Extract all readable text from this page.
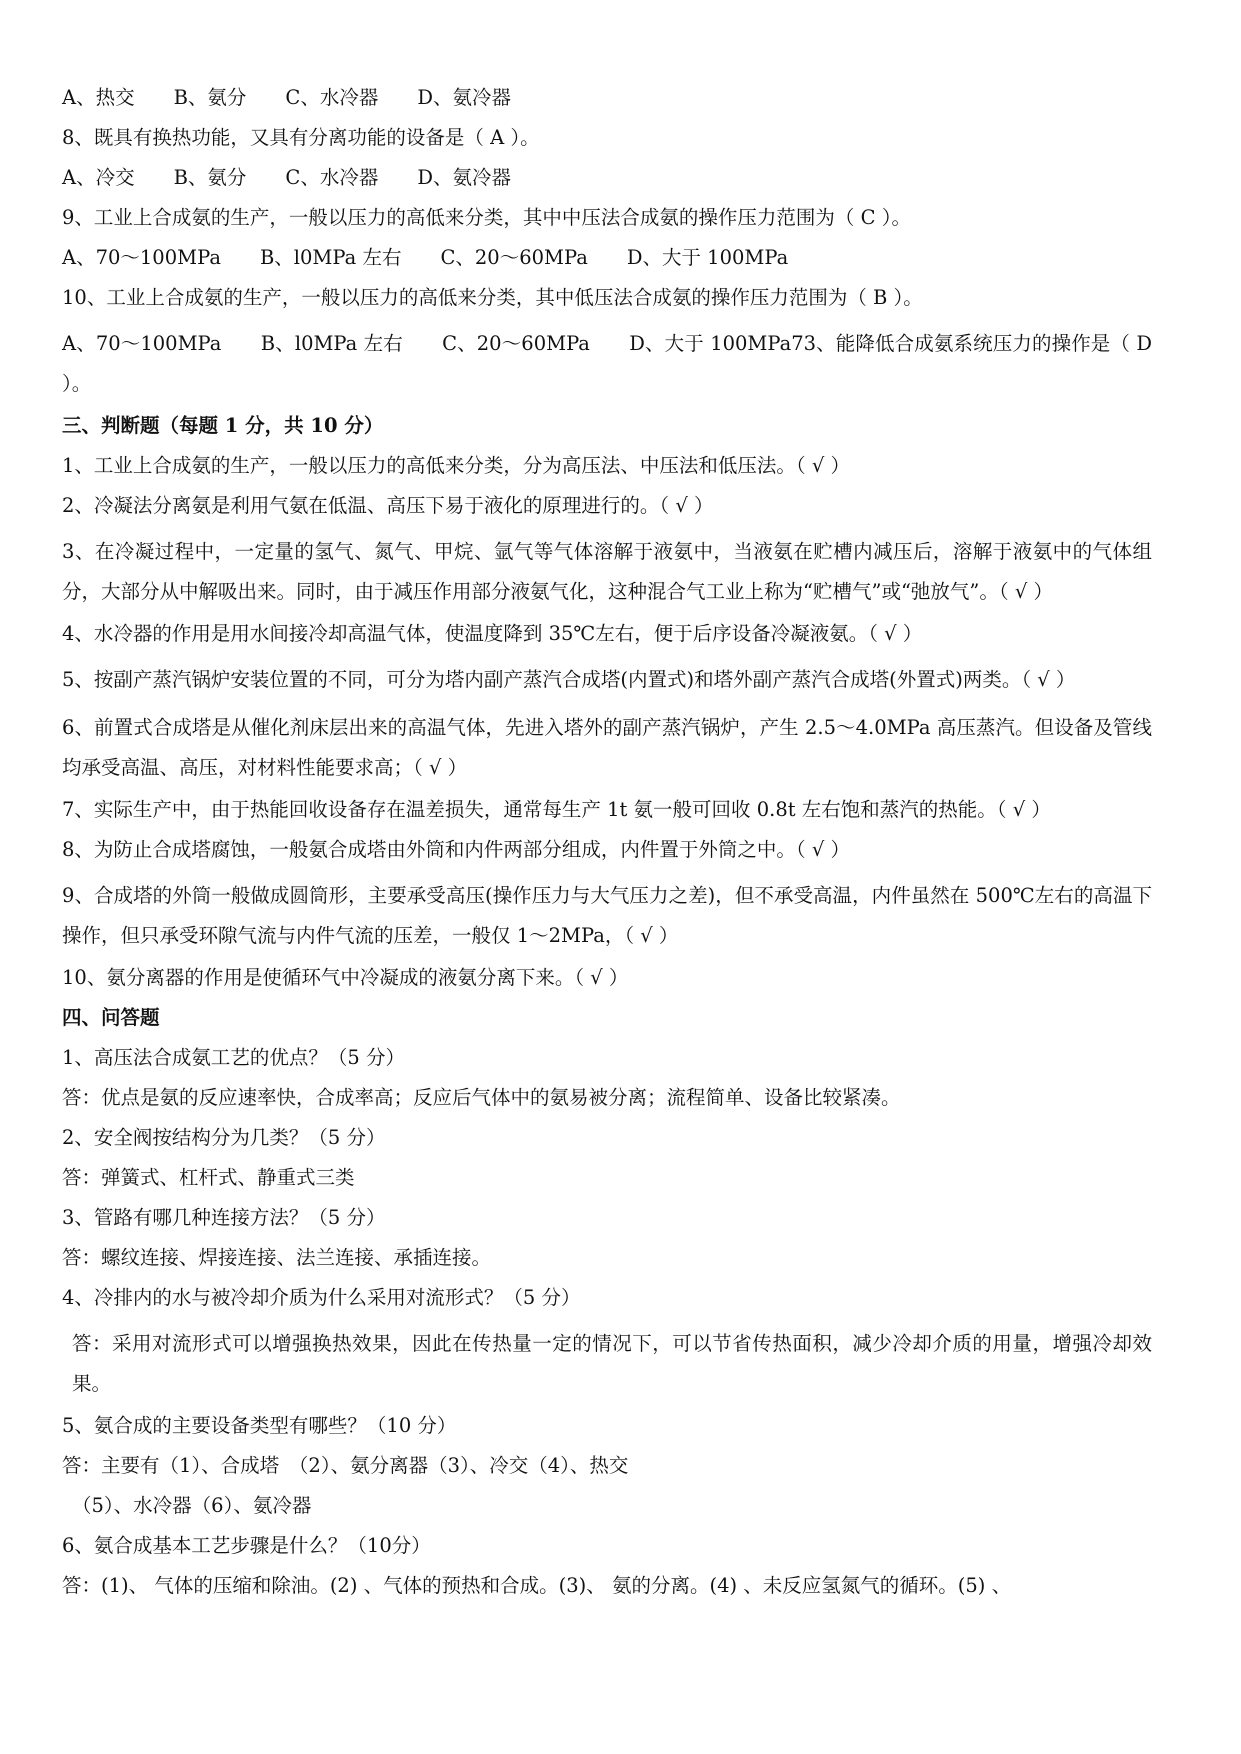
A、热交　　B、氨分　　C、水冷器　　D、氨冷器
8、既具有换热功能，又具有分离功能的设备是（ A ）。
A、冷交　　B、氨分　　C、水冷器　　D、氨冷器
9、工业上合成氨的生产，一般以压力的高低来分类，其中中压法合成氨的操作压力范围为（ C ）。
A、70～100MPa　　B、l0MPa 左右　　C、20～60MPa　　D、大于 100MPa
10、工业上合成氨的生产，一般以压力的高低来分类，其中低压法合成氨的操作压力范围为（ B ）。
A、70～100MPa　　B、l0MPa 左右　　C、20～60MPa　　D、大于 100MPa73、能降低合成氨系统压力的操作是（ D ）。
三、判断题（每题 1 分，共 10 分）
1、工业上合成氨的生产，一般以压力的高低来分类，分为高压法、中压法和低压法。（ √ ）
2、冷凝法分离氨是利用气氨在低温、高压下易于液化的原理进行的。（ √ ）
3、在冷凝过程中，一定量的氢气、氮气、甲烷、氩气等气体溶解于液氨中，当液氨在贮槽内减压后，溶解于液氨中的气体组分，大部分从中解吸出来。同时，由于减压作用部分液氨气化，这种混合气工业上称为“贮槽气”或“弛放气”。（ √ ）
4、水冷器的作用是用水间接冷却高温气体，使温度降到 35℃左右，便于后序设备冷凝液氨。（ √ ）
5、按副产蒸汽锅炉安装位置的不同，可分为塔内副产蒸汽合成塔(内置式)和塔外副产蒸汽合成塔(外置式)两类。（ √ ）
6、前置式合成塔是从催化剂床层出来的高温气体，先进入塔外的副产蒸汽锅炉，产生 2.5～4.0MPa 高压蒸汽。但设备及管线均承受高温、高压，对材料性能要求高；（ √ ）
7、实际生产中，由于热能回收设备存在温差损失，通常每生产 1t 氨一般可回收 0.8t 左右饱和蒸汽的热能。（ √ ）
8、为防止合成塔腐蚀，一般氨合成塔由外筒和内件两部分组成，内件置于外筒之中。（ √ ）
9、合成塔的外筒一般做成圆筒形，主要承受高压(操作压力与大气压力之差)，但不承受高温，内件虽然在 500℃左右的高温下操作，但只承受环隙气流与内件气流的压差，一般仅 1～2MPa，（ √ ）
10、氨分离器的作用是使循环气中冷凝成的液氨分离下来。（ √ ）
四、问答题
1、高压法合成氨工艺的优点？（5 分）
答：优点是氨的反应速率快，合成率高；反应后气体中的氨易被分离；流程简单、设备比较紧凑。
2、安全阀按结构分为几类？（5 分）
答：弹簧式、杠杆式、静重式三类
3、管路有哪几种连接方法？（5 分）
答：螺纹连接、焊接连接、法兰连接、承插连接。
4、冷排内的水与被冷却介质为什么采用对流形式？（5 分）
答：采用对流形式可以增强换热效果，因此在传热量一定的情况下，可以节省传热面积，减少冷却介质的用量，增强冷却效果。
5、氨合成的主要设备类型有哪些？（10 分）
答：主要有（1）、合成塔　（2）、氨分离器（3）、冷交（4）、热交
（5）、水冷器（6）、氨冷器
6、氨合成基本工艺步骤是什么？（10分）
答：(1)、 气体的压缩和除油。(2) 、气体的预热和合成。(3)、 氨的分离。(4) 、未反应氢氮气的循环。(5) 、
